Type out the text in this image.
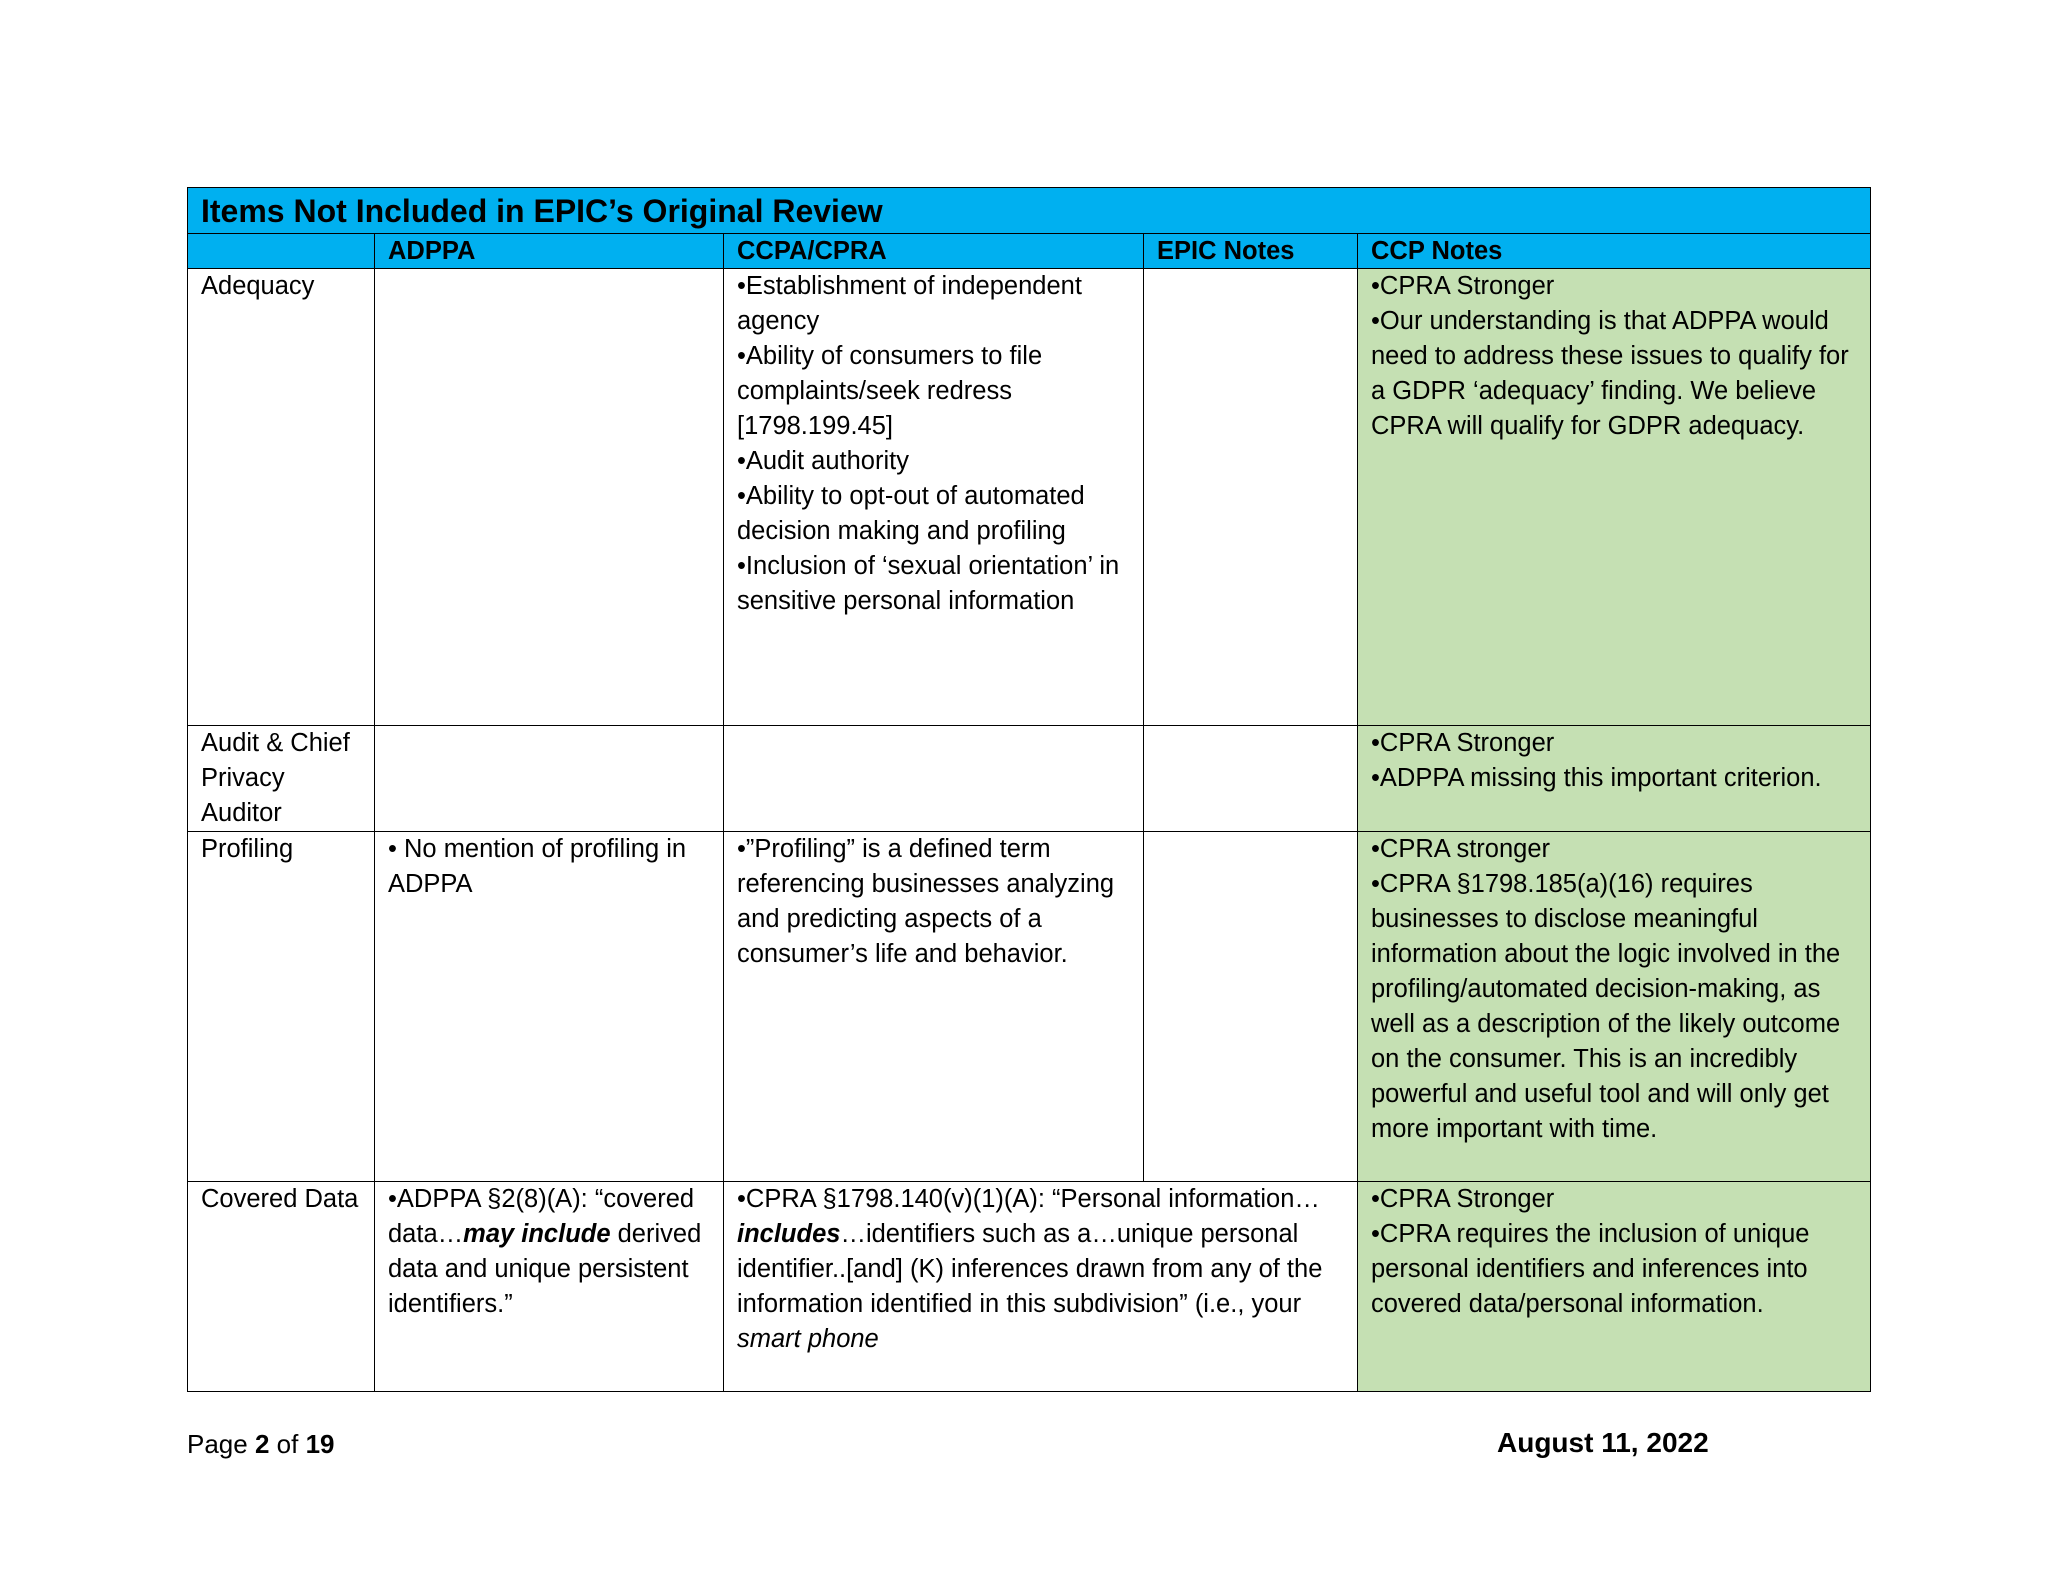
Items Not Included in EPIC’s Original Review				
	ADPPA	CCPA/CPRA	EPIC Notes	CCP Notes
Adequacy		•Establishment of independent agency
•Ability of consumers to file complaints/seek redress [1798.199.45]
•Audit authority
•Ability to opt-out of automated decision making and profiling
•Inclusion of ‘sexual orientation’ in sensitive personal information		•CPRA Stronger
•Our understanding is that ADPPA would need to address these issues to qualify for a GDPR ‘adequacy’ finding. We believe CPRA will qualify for GDPR adequacy.

Audit & Chief Privacy Auditor				•CPRA Stronger
•ADPPA missing this important criterion.

Profiling	• No mention of profiling in ADPPA	•”Profiling” is a defined term referencing businesses analyzing and predicting aspects of a consumer’s life and behavior.		•CPRA stronger
•CPRA §1798.185(a)(16) requires businesses to disclose meaningful information about the logic involved in the profiling/automated decision-making, as well as a description of the likely outcome on the consumer. This is an incredibly powerful and useful tool and will only get more important with time.

Covered Data	•ADPPA §2(8)(A): “covered data…may include derived data and unique persistent identifiers.”	•CPRA §1798.140(v)(1)(A): “Personal information…includes…identifiers such as a…unique personal identifier..[and] (K) inferences drawn from any of the information identified in this subdivision” (i.e., your smart phone		•CPRA Stronger
•CPRA requires the inclusion of unique personal identifiers and inferences into covered data/personal information.
Page 2 of 19	August 11, 2022
